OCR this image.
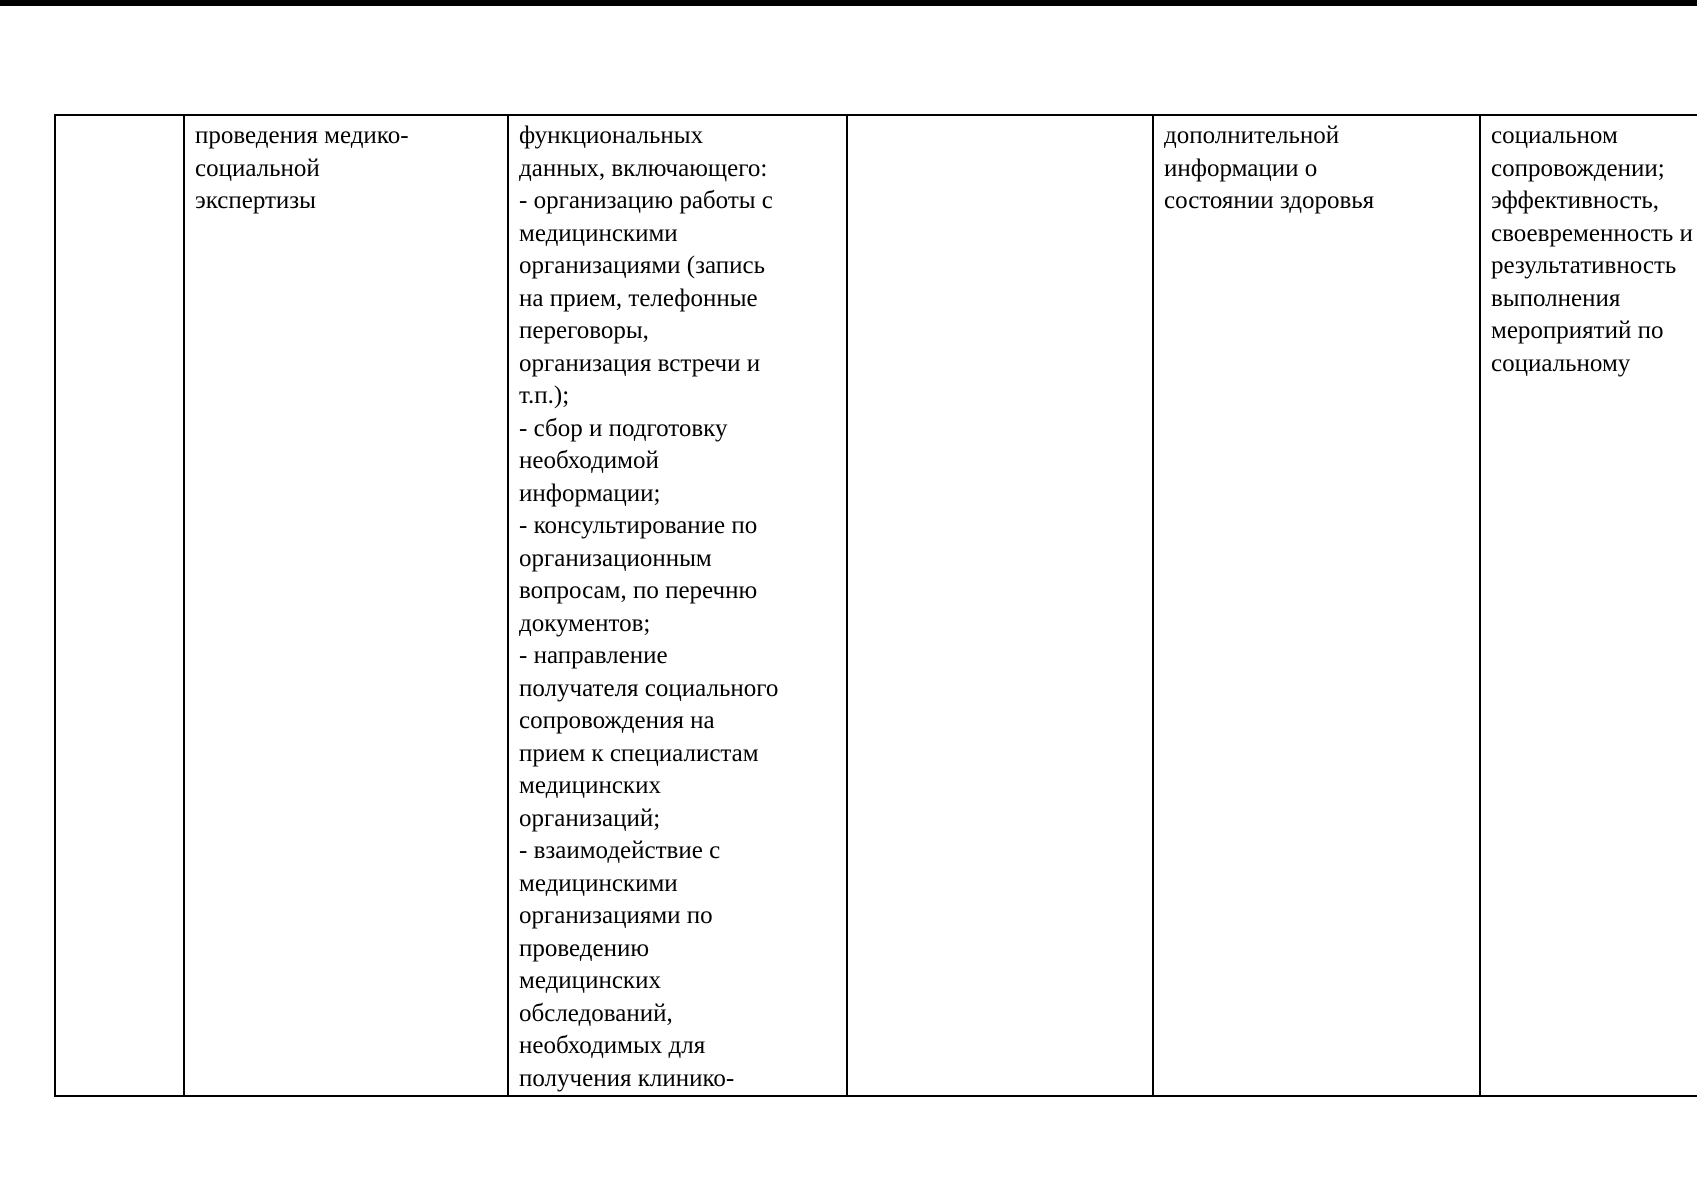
	проведения медико-
социальной
экспертизы	функциональных
данных, включающего:
- организацию работы с
медицинскими
организациями (запись
на прием, телефонные
переговоры,
организация встречи и
т.п.);
- сбор и подготовку
необходимой
информации;
- консультирование по
организационным
вопросам, по перечню
документов;
- направление
получателя социального
сопровождения на
прием к специалистам
медицинских
организаций;
- взаимодействие с
медицинскими
организациями по
проведению
медицинских
обследований,
необходимых для
получения клинико-		дополнительной
информации о
состоянии здоровья	социальном
сопровождении;
эффективность,
своевременность и
результативность
выполнения
мероприятий по
социальному
